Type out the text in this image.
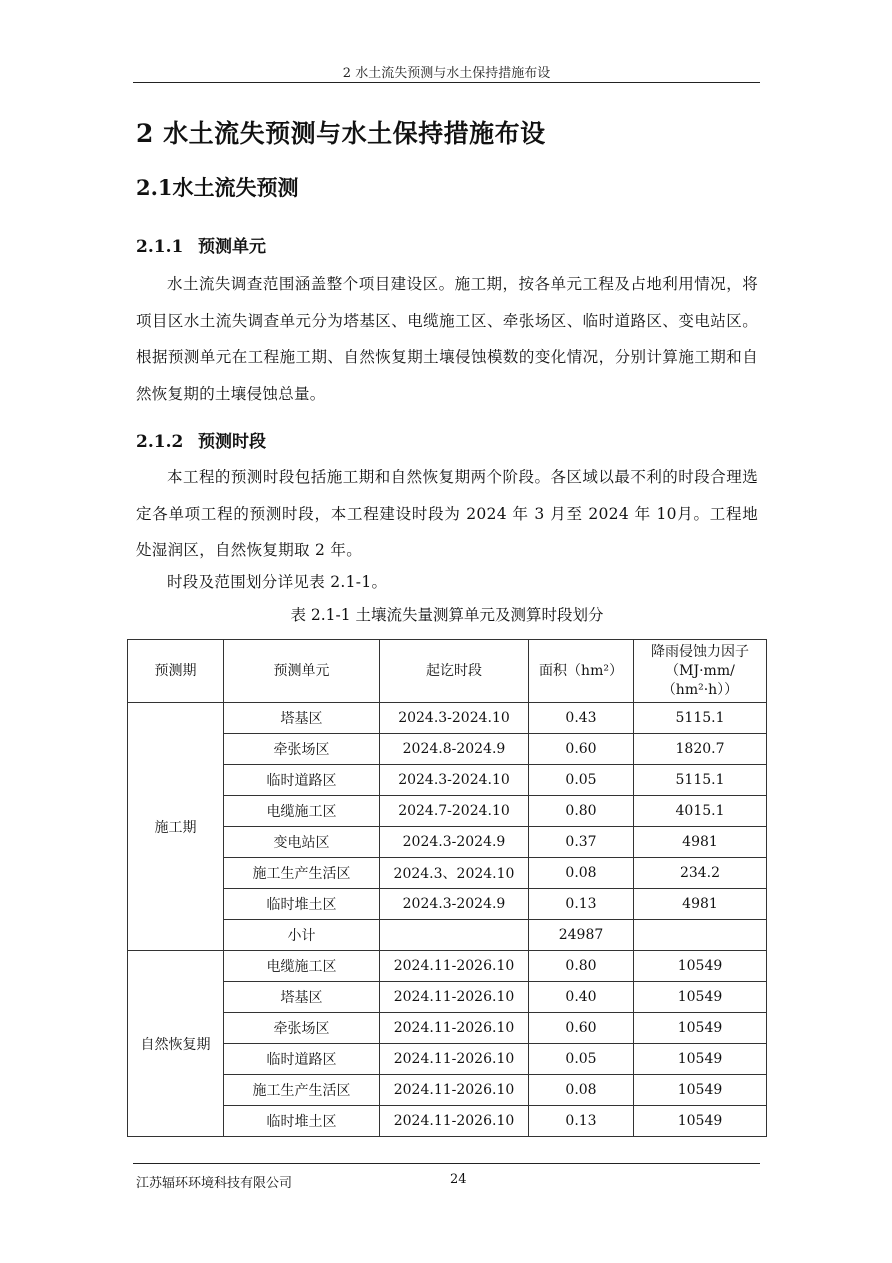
2 水土流失预测与水土保持措施布设
2 水土流失预测与水土保持措施布设
2.1水土流失预测
2.1.1 预测单元
水土流失调查范围涵盖整个项目建设区。施工期，按各单元工程及占地利用情况，将项目区水土流失调查单元分为塔基区、电缆施工区、牵张场区、临时道路区、变电站区。根据预测单元在工程施工期、自然恢复期土壤侵蚀模数的变化情况，分别计算施工期和自然恢复期的土壤侵蚀总量。
2.1.2 预测时段
本工程的预测时段包括施工期和自然恢复期两个阶段。各区域以最不利的时段合理选定各单项工程的预测时段，本工程建设时段为 2024 年 3 月至 2024 年 10月。工程地处湿润区，自然恢复期取 2 年。
时段及范围划分详见表 2.1-1。
表 2.1-1 土壤流失量测算单元及测算时段划分
预测期	预测单元	起讫时段	面积（hm²）	降雨侵蚀力因子（MJ·mm/（hm²·h））
施工期	塔基区	2024.3-2024.10	0.43	5115.1
	牵张场区	2024.8-2024.9	0.60	1820.7
	临时道路区	2024.3-2024.10	0.05	5115.1
	电缆施工区	2024.7-2024.10	0.80	4015.1
	变电站区	2024.3-2024.9	0.37	4981
	施工生产生活区	2024.3、2024.10	0.08	234.2
	临时堆土区	2024.3-2024.9	0.13	4981
	小计		24987	
自然恢复期	电缆施工区	2024.11-2026.10	0.80	10549
	塔基区	2024.11-2026.10	0.40	10549
	牵张场区	2024.11-2026.10	0.60	10549
	临时道路区	2024.11-2026.10	0.05	10549
	施工生产生活区	2024.11-2026.10	0.08	10549
	临时堆土区	2024.11-2026.10	0.13	10549
江苏辐环环境科技有限公司	24
